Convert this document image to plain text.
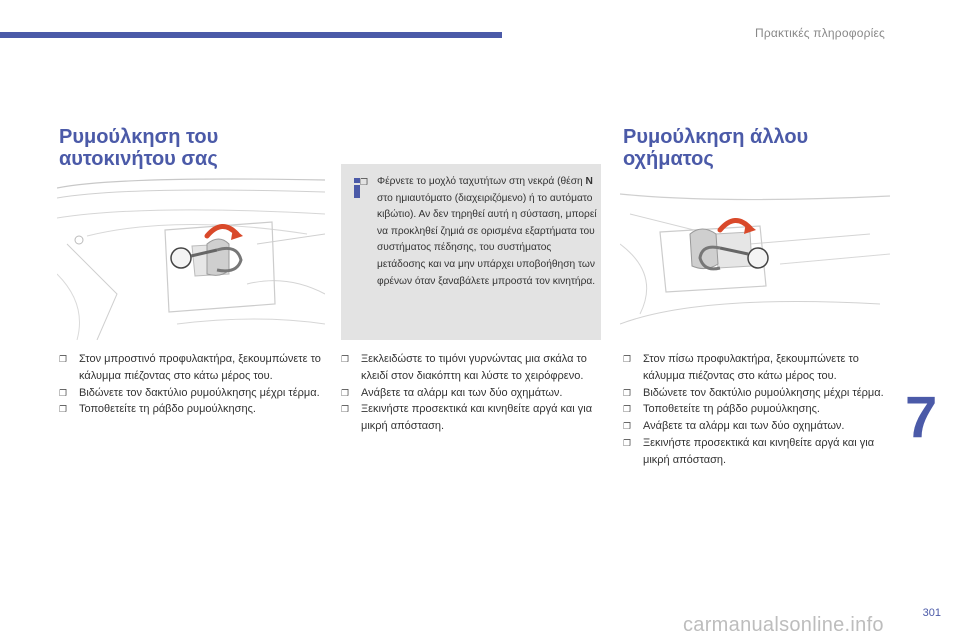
Πρακτικές πληροφορίες
Ρυμούλκηση του
αυτοκινήτου σας
❐ Στον μπροστινό προφυλακτήρα, ξεκουμπώνετε το κάλυμμα πιέζοντας στο κάτω μέρος του.
❐ Βιδώνετε τον δακτύλιο ρυμούλκησης μέχρι τέρμα.
❐ Τοποθετείτε τη ράβδο ρυμούλκησης.
❐ Φέρνετε το μοχλό ταχυτήτων στη νεκρά (θέση N στο ημιαυτόματο (διαχειριζόμενο) ή το αυτόματο κιβώτιο). Αν δεν τηρηθεί αυτή η σύσταση, μπορεί να προκληθεί ζημιά σε ορισμένα εξαρτήματα του συστήματος πέδησης, του συστήματος μετάδοσης και να μην υπάρχει υποβοήθηση των φρένων όταν ξαναβάλετε μπροστά τον κινητήρα.
❐ Ξεκλειδώστε το τιμόνι γυρνώντας μια σκάλα το κλειδί στον διακόπτη και λύστε το χειρόφρενο.
❐ Ανάβετε τα αλάρμ και των δύο οχημάτων.
❐ Ξεκινήστε προσεκτικά και κινηθείτε αργά και για μικρή απόσταση.
Ρυμούλκηση άλλου
οχήματος
❐ Στον πίσω προφυλακτήρα, ξεκουμπώνετε το κάλυμμα πιέζοντας στο κάτω μέρος του.
❐ Βιδώνετε τον δακτύλιο ρυμούλκησης μέχρι τέρμα.
❐ Τοποθετείτε τη ράβδο ρυμούλκησης.
❐ Ανάβετε τα αλάρμ και των δύο οχημάτων.
❐ Ξεκινήστε προσεκτικά και κινηθείτε αργά και για μικρή απόσταση.
7
301
carmanualsonline.info
